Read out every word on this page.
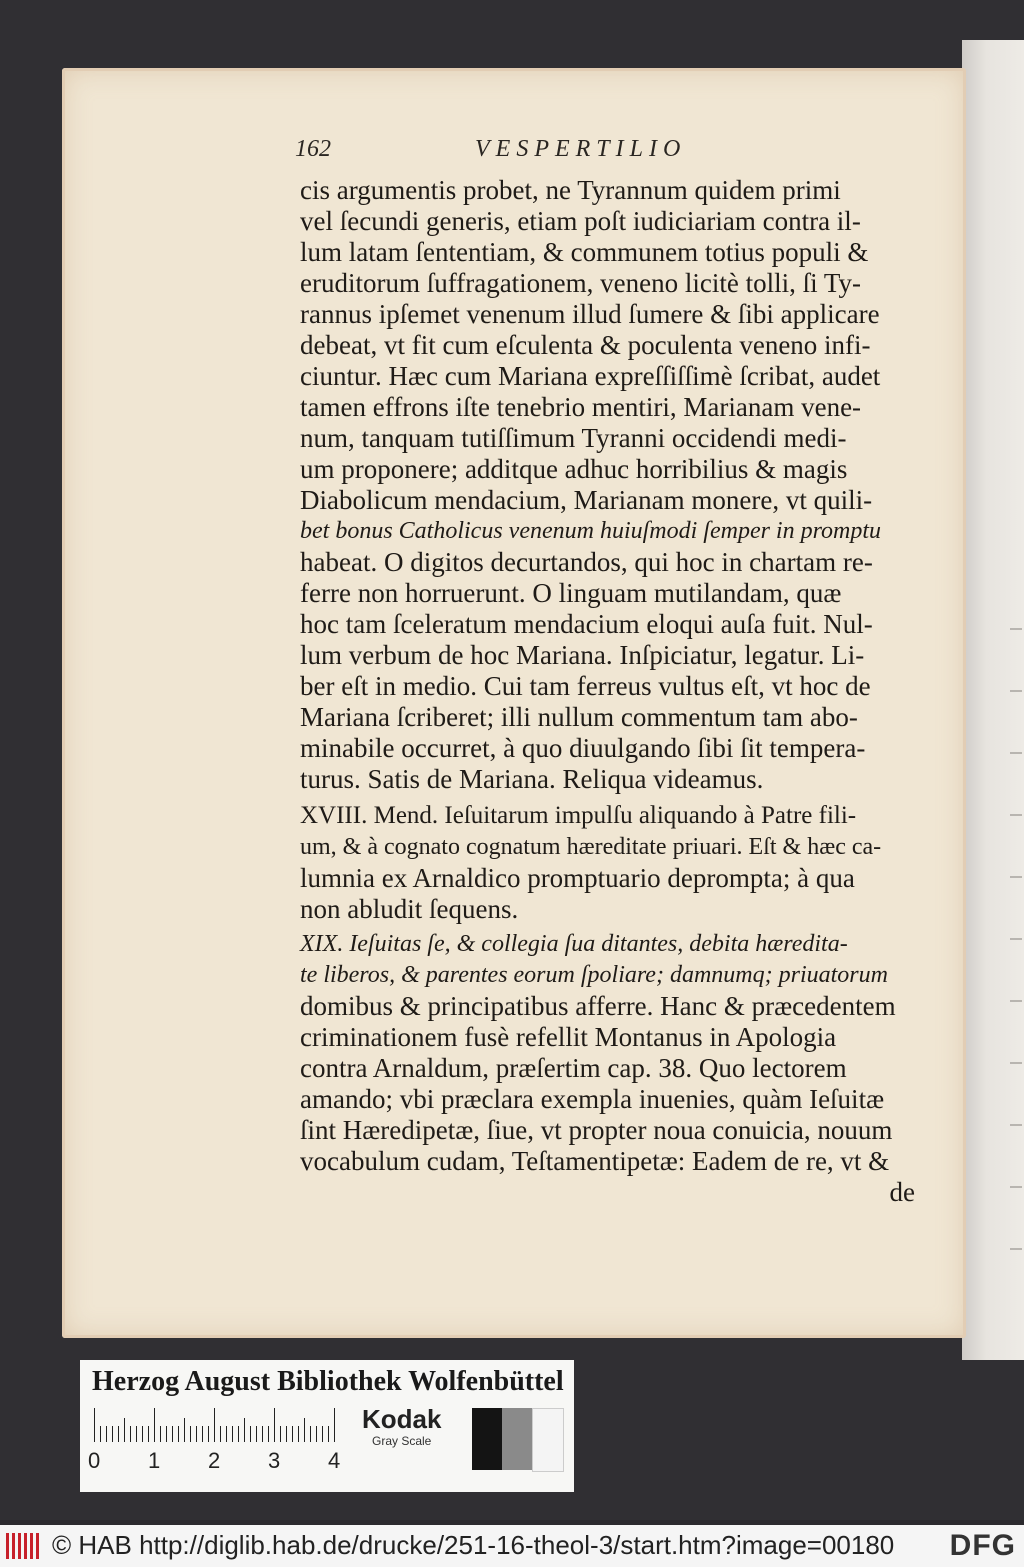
162	VESPERTILIO
cis argumentis probet, ne Tyrannum quidem primi
vel ſecundi generis, etiam poſt iudiciariam contra il-
lum latam ſententiam, & communem totius populi &
eruditorum ſuffragationem, veneno licitè tolli, ſi Ty-
rannus ipſemet venenum illud ſumere & ſibi applicare
debeat, vt fit cum eſculenta & poculenta veneno infi-
ciuntur. Hæc cum Mariana expreſſiſſimè ſcribat, audet
tamen effrons iſte tenebrio mentiri, Marianam vene-
num, tanquam tutiſſimum Tyranni occidendi medi-
um proponere; additque adhuc horribilius & magis
Diabolicum mendacium, Marianam monere, vt quili-
bet bonus Catholicus venenum huiuſmodi ſemper in promptu
habeat. O digitos decurtandos, qui hoc in chartam re-
ferre non horruerunt. O linguam mutilandam, quæ
hoc tam ſceleratum mendacium eloqui auſa fuit. Nul-
lum verbum de hoc Mariana. Inſpiciatur, legatur. Li-
ber eſt in medio. Cui tam ferreus vultus eſt, vt hoc de
Mariana ſcriberet; illi nullum commentum tam abo-
minabile occurret, à quo diuulgando ſibi ſit tempera-
turus. Satis de Mariana. Reliqua videamus.
XVIII. Mend. Ieſuitarum impulſu aliquando à Patre fili-
um, & à cognato cognatum hæreditate priuari. Eſt & hæc ca-
lumnia ex Arnaldico promptuario deprompta; à qua
non abludit ſequens.
XIX. Ieſuitas ſe, & collegia ſua ditantes, debita hæredita-
te liberos, & parentes eorum ſpoliare; damnumq; priuatorum
domibus & principatibus afferre. Hanc & præcedentem
criminationem fusè refellit Montanus in Apologia
contra Arnaldum, præſertim cap. 38. Quo lectorem
amando; vbi præclara exempla inuenies, quàm Ieſuitæ
ſint Hæredipetæ, ſiue, vt propter noua conuicia, nouum
vocabulum cudam, Teſtamentipetæ: Eadem de re, vt &
de
Herzog August Bibliothek Wolfenbüttel
0 1 2 3 4
Kodak
Gray Scale
© HAB http://diglib.hab.de/drucke/251-16-theol-3/start.htm?image=00180 DFG
